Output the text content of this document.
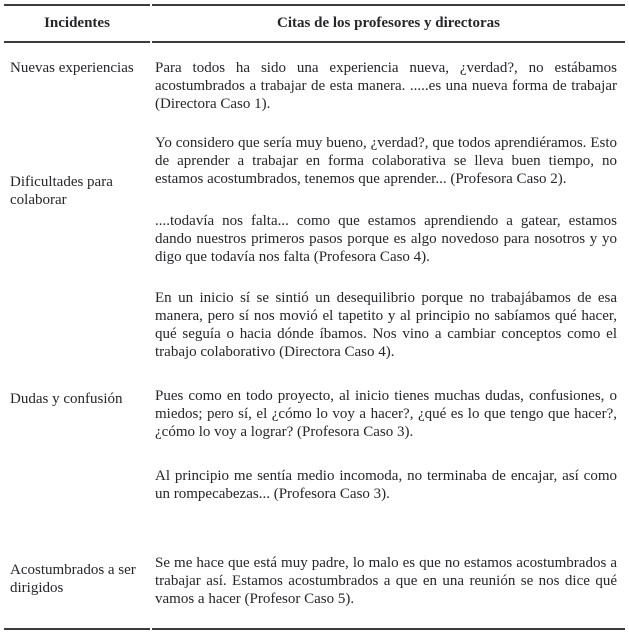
Incidentes	Citas de los profesores y directoras
Nuevas experiencias	Para todos ha sido una experiencia nueva, ¿verdad?, no estábamos acostumbrados a trabajar de esta manera. .....es una nueva forma de trabajar (Directora Caso 1).

Dificultades para colaborar	Yo considero que sería muy bueno, ¿verdad?, que todos aprendiéramos. Esto de aprender a trabajar en forma colaborativa se lleva buen tiempo, no estamos acostumbrados, tenemos que aprender... (Profesora Caso 2).

....todavía nos falta... como que estamos aprendiendo a gatear, estamos dando nuestros primeros pasos porque es algo novedoso para nosotros y yo digo que todavía nos falta (Profesora Caso 4).

Dudas y confusión	En un inicio sí se sintió un desequilibrio porque no trabajábamos de esa manera, pero sí nos movió el tapetito y al principio no sabíamos qué hacer, qué seguía o hacia dónde íbamos. Nos vino a cambiar conceptos como el trabajo colaborativo (Directora Caso 4).

Pues como en todo proyecto, al inicio tienes muchas dudas, confusiones, o miedos; pero sí, el ¿cómo lo voy a hacer?, ¿qué es lo que tengo que hacer?, ¿cómo lo voy a lograr? (Profesora Caso 3).

Al principio me sentía medio incomoda, no terminaba de encajar, así como un rompecabezas... (Profesora Caso 3).

Acostumbrados a ser dirigidos	Se me hace que está muy padre, lo malo es que no estamos acostumbrados a trabajar así. Estamos acostumbrados a que en una reunión se nos dice qué vamos a hacer (Profesor Caso 5).
